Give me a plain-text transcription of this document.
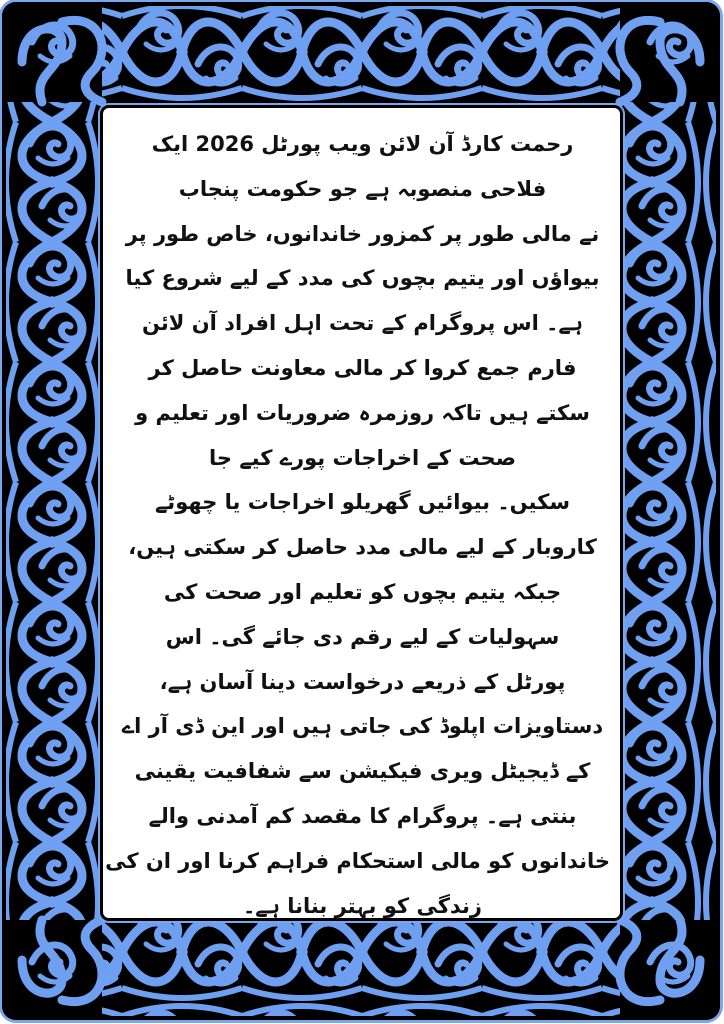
رحمت کارڈ آن لائن ویب پورٹل 2026 ایک
فلاحی منصوبہ ہے جو حکومت پنجاب
نے مالی طور پر کمزور خاندانوں، خاص طور پر
بیواؤں اور یتیم بچوں کی مدد کے لیے شروع کیا
ہے۔ اس پروگرام کے تحت اہل افراد آن لائن
فارم جمع کروا کر مالی معاونت حاصل کر
سکتے ہیں تاکہ روزمرہ ضروریات اور تعلیم و
صحت کے اخراجات پورے کیے جا
سکیں۔ بیوائیں گھریلو اخراجات یا چھوٹے
کاروبار کے لیے مالی مدد حاصل کر سکتی ہیں،
جبکہ یتیم بچوں کو تعلیم اور صحت کی
سہولیات کے لیے رقم دی جائے گی۔ اس
پورٹل کے ذریعے درخواست دینا آسان ہے،
دستاویزات اپلوڈ کی جاتی ہیں اور این ڈی آر اے
کے ڈیجیٹل ویری فیکیشن سے شفافیت یقینی
بنتی ہے۔ پروگرام کا مقصد کم آمدنی والے
خاندانوں کو مالی استحکام فراہم کرنا اور ان کی
زندگی کو بہتر بنانا ہے۔
